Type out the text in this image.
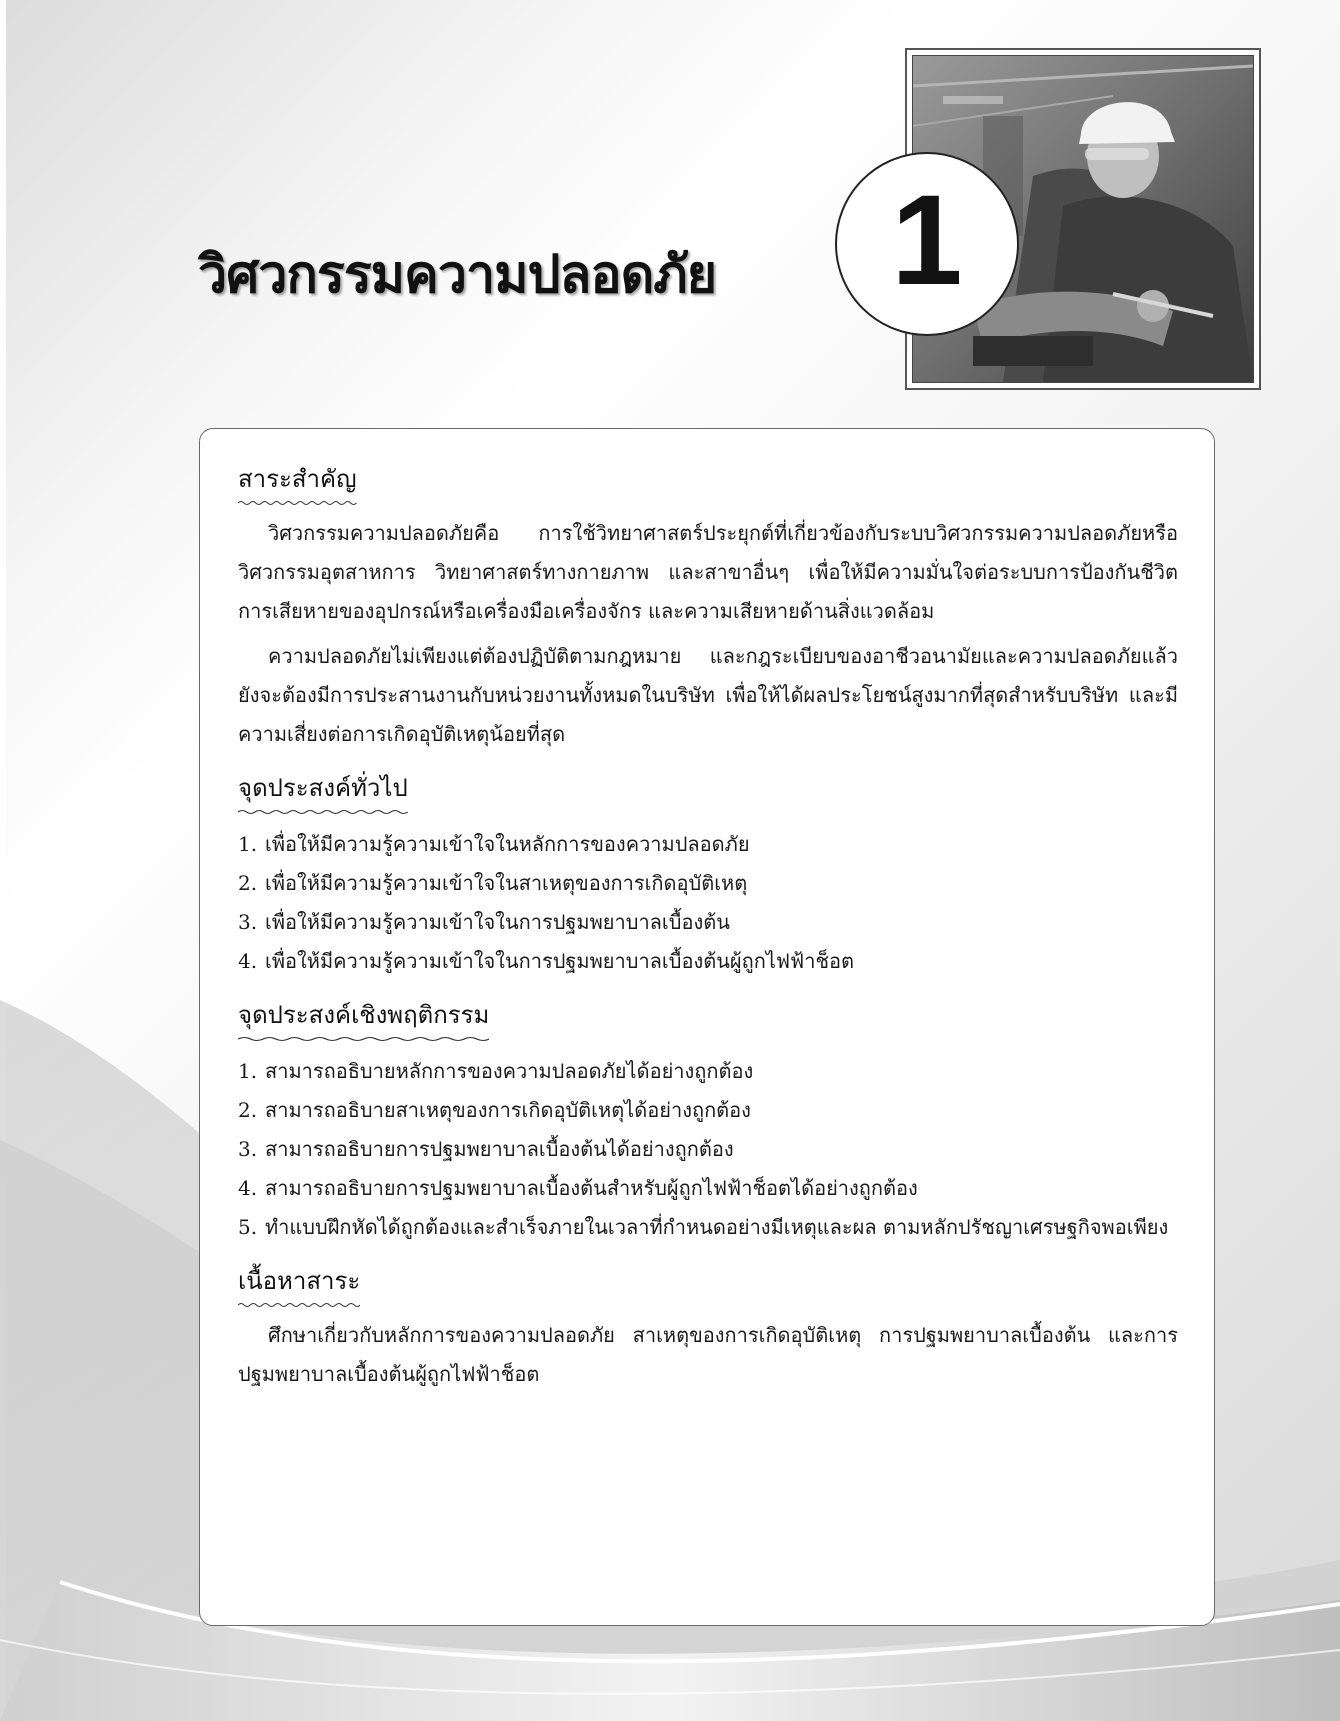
วิศวกรรมความปลอดภัย 1
สาระสำคัญ

วิศวกรรมความปลอดภัยคือ การใช้วิทยาศาสตร์ประยุกต์ที่เกี่ยวข้องกับระบบวิศวกรรมความปลอดภัยหรือวิศวกรรมอุตสาหการ วิทยาศาสตร์ทางกายภาพ และสาขาอื่นๆ เพื่อให้มีความมั่นใจต่อระบบการป้องกันชีวิต การเสียหายของอุปกรณ์หรือเครื่องมือเครื่องจักร และความเสียหายด้านสิ่งแวดล้อม

ความปลอดภัยไม่เพียงแต่ต้องปฏิบัติตามกฎหมาย และกฎระเบียบของอาชีวอนามัยและความปลอดภัยแล้ว ยังจะต้องมีการประสานงานกับหน่วยงานทั้งหมดในบริษัท เพื่อให้ได้ผลประโยชน์สูงมากที่สุดสำหรับบริษัท และมีความเสี่ยงต่อการเกิดอุบัติเหตุน้อยที่สุด

จุดประสงค์ทั่วไป
1. เพื่อให้มีความรู้ความเข้าใจในหลักการของความปลอดภัย
2. เพื่อให้มีความรู้ความเข้าใจในสาเหตุของการเกิดอุบัติเหตุ
3. เพื่อให้มีความรู้ความเข้าใจในการปฐมพยาบาลเบื้องต้น
4. เพื่อให้มีความรู้ความเข้าใจในการปฐมพยาบาลเบื้องต้นผู้ถูกไฟฟ้าช็อต
จุดประสงค์เชิงพฤติกรรม
1. สามารถอธิบายหลักการของความปลอดภัยได้อย่างถูกต้อง
2. สามารถอธิบายสาเหตุของการเกิดอุบัติเหตุได้อย่างถูกต้อง
3. สามารถอธิบายการปฐมพยาบาลเบื้องต้นได้อย่างถูกต้อง
4. สามารถอธิบายการปฐมพยาบาลเบื้องต้นสำหรับผู้ถูกไฟฟ้าช็อตได้อย่างถูกต้อง
5. ทำแบบฝึกหัดได้ถูกต้องและสำเร็จภายในเวลาที่กำหนดอย่างมีเหตุและผล ตามหลักปรัชญาเศรษฐกิจพอเพียง
เนื้อหาสาระ

ศึกษาเกี่ยวกับหลักการของความปลอดภัย สาเหตุของการเกิดอุบัติเหตุ การปฐมพยาบาลเบื้องต้น และการปฐมพยาบาลเบื้องต้นผู้ถูกไฟฟ้าช็อต
